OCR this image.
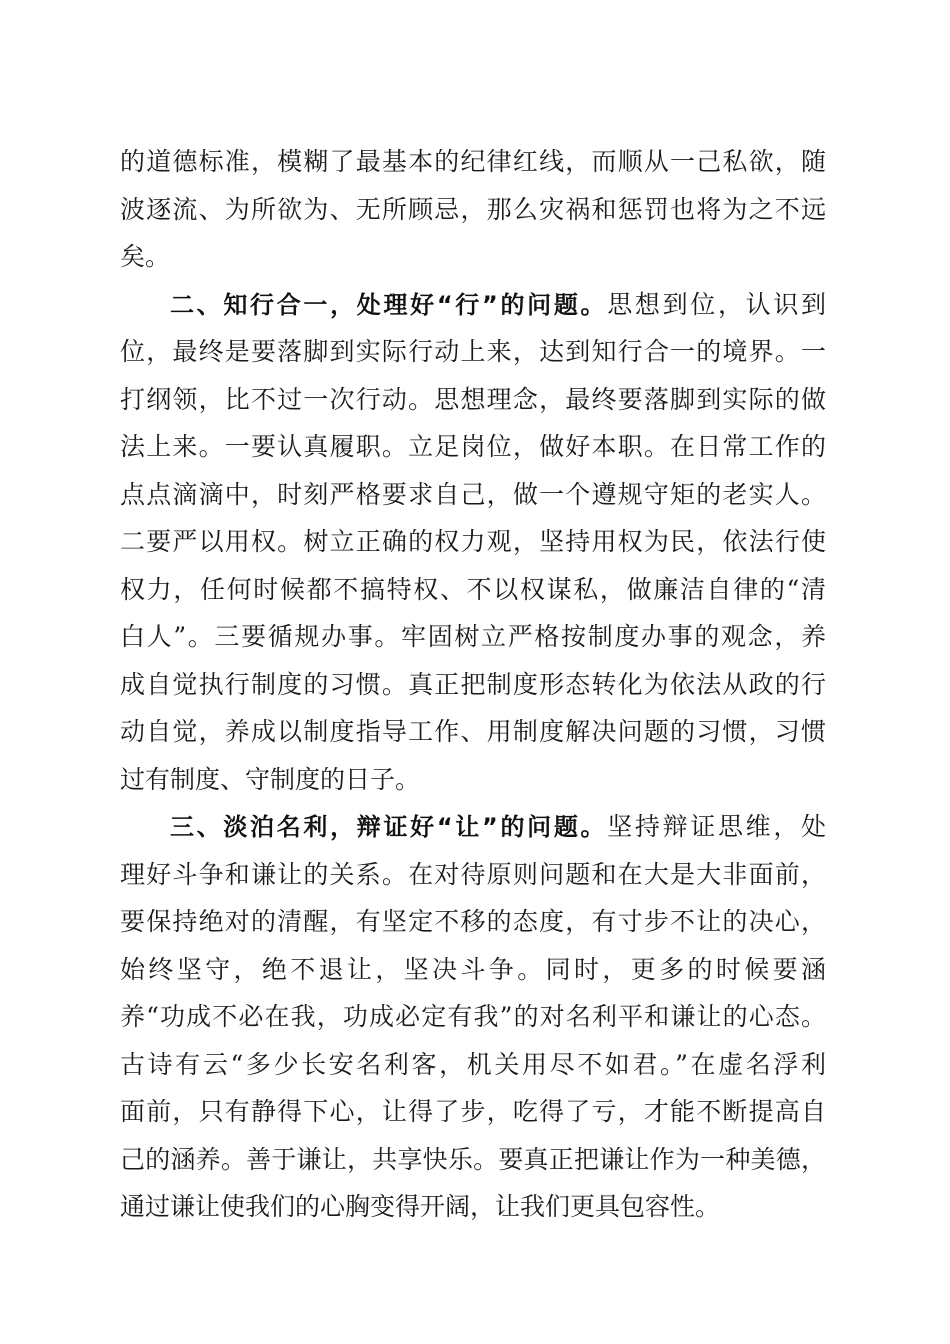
的道德标准，模糊了最基本的纪律红线，而顺从一己私欲，随
波逐流、为所欲为、无所顾忌，那么灾祸和惩罚也将为之不远
矣。
二、知行合一，处理好“行”的问题。思想到位，认识到
位，最终是要落脚到实际行动上来，达到知行合一的境界。一
打纲领，比不过一次行动。思想理念，最终要落脚到实际的做
法上来。一要认真履职。立足岗位，做好本职。在日常工作的
点点滴滴中，时刻严格要求自己，做一个遵规守矩的老实人。
二要严以用权。树立正确的权力观，坚持用权为民，依法行使
权力，任何时候都不搞特权、不以权谋私，做廉洁自律的“清
白人”。三要循规办事。牢固树立严格按制度办事的观念，养
成自觉执行制度的习惯。真正把制度形态转化为依法从政的行
动自觉，养成以制度指导工作、用制度解决问题的习惯，习惯
过有制度、守制度的日子。
三、淡泊名利，辩证好“让”的问题。坚持辩证思维，处
理好斗争和谦让的关系。在对待原则问题和在大是大非面前，
要保持绝对的清醒，有坚定不移的态度，有寸步不让的决心，
始终坚守，绝不退让，坚决斗争。同时，更多的时候要涵
养“功成不必在我，功成必定有我”的对名利平和谦让的心态。
古诗有云“多少长安名利客，机关用尽不如君。”在虚名浮利
面前，只有静得下心，让得了步，吃得了亏，才能不断提高自
己的涵养。善于谦让，共享快乐。要真正把谦让作为一种美德，
通过谦让使我们的心胸变得开阔，让我们更具包容性。
